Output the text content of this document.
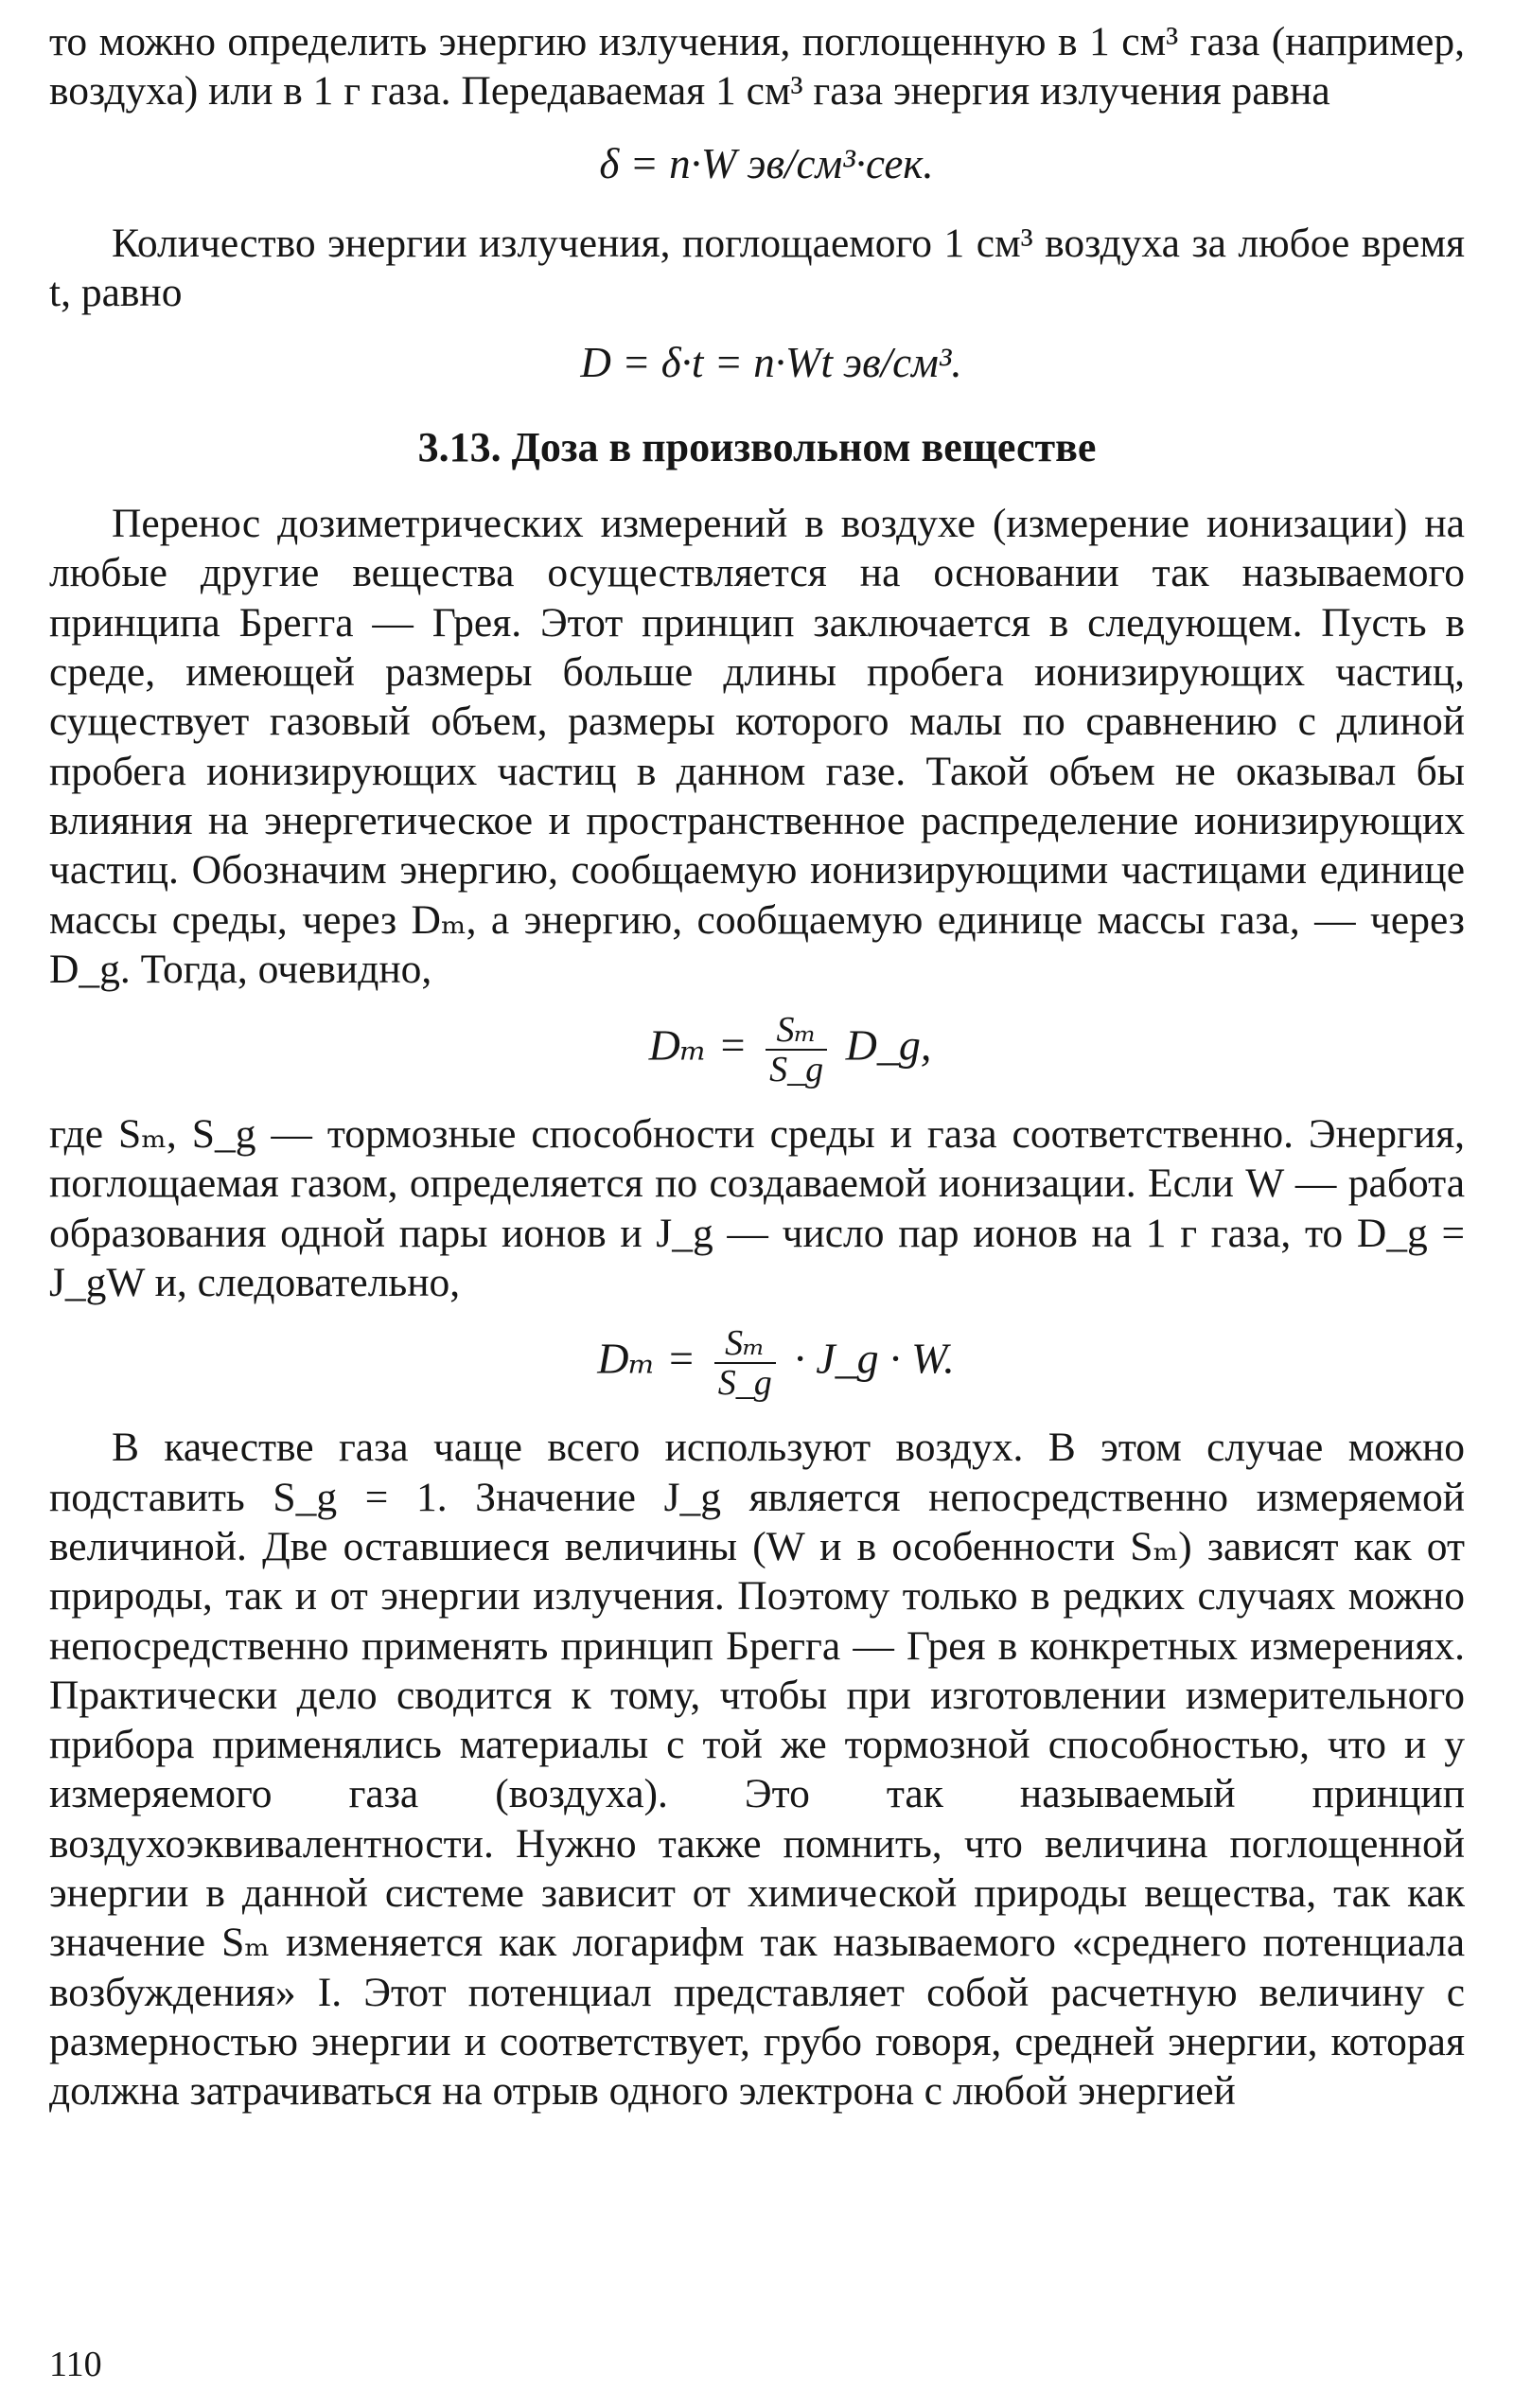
то можно определить энергию излучения, поглощенную в 1 см³ газа (например, воздуха) или в 1 г газа. Передаваемая 1 см³ газа энергия излучения равна

δ = n·W эв/см³·сек.

Количество энергии излучения, поглощаемого 1 см³ воздуха за любое время t, равно

D = δ·t = n·Wt эв/см³.

3.13. Доза в произвольном веществе

Перенос дозиметрических измерений в воздухе (измерение ионизации) на любые другие вещества осуществляется на основании так называемого принципа Брегга — Грея. Этот принцип заключается в следующем. Пусть в среде, имеющей размеры больше длины пробега ионизирующих частиц, существует газовый объем, размеры которого малы по сравнению с длиной пробега ионизирующих частиц в данном газе. Такой объем не оказывал бы влияния на энергетическое и пространственное распределение ионизирующих частиц. Обозначим энергию, сообщаемую ионизирующими частицами единице массы среды, через Dₘ, а энергию, сообщаемую единице массы газа, — через D_g. Тогда, очевидно,

$D_m = \frac{\text{Sₘ}}{S\_g}$ D_g,

где Sₘ, S_g — тормозные способности среды и газа соответственно. Энергия, поглощаемая газом, определяется по создаваемой ионизации. Если W — работа образования одной пары ионов и J_g — число пар ионов на 1 г газа, то D_g = J_gW и, следовательно,

$D_m = \frac{\text{Sₘ}}{S\_g}$ · J_g · W.

В качестве газа чаще всего используют воздух. В этом случае можно подставить S_g = 1. Значение J_g является непосредственно измеряемой величиной. Две оставшиеся величины (W и в особенности Sₘ) зависят как от природы, так и от энергии излучения. Поэтому только в редких случаях можно непосредственно применять принцип Брегга — Грея в конкретных измерениях. Практически дело сводится к тому, чтобы при изготовлении измерительного прибора применялись материалы с той же тормозной способностью, что и у измеряемого газа (воздуха). Это так называемый принцип воздухоэквивалентности. Нужно также помнить, что величина поглощенной энергии в данной системе зависит от химической природы вещества, так как значение Sₘ изменяется как логарифм так называемого «среднего потенциала возбуждения» I. Этот потенциал представляет собой расчетную величину с размерностью энергии и соответствует, грубо говоря, средней энергии, которая должна затрачиваться на отрыв одного электрона с любой энергией

110
